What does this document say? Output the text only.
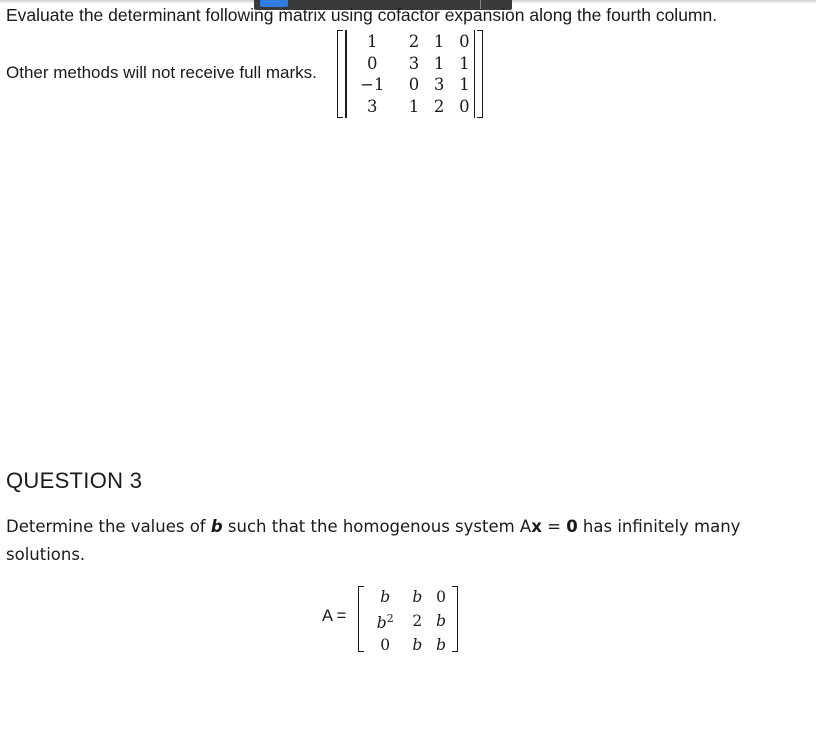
Evaluate the determinant following matrix using cofactor expansion along the fourth column.
Other methods will not receive full marks.
1	2	1	0
0	3	1	1
−1	0	3	1
3	1	2	0
QUESTION 3
Determine the values of b such that the homogenous system Ax = 0 has infinitely many solutions.
A =
b	b	0
$b^2$	2	b
0	b	b
